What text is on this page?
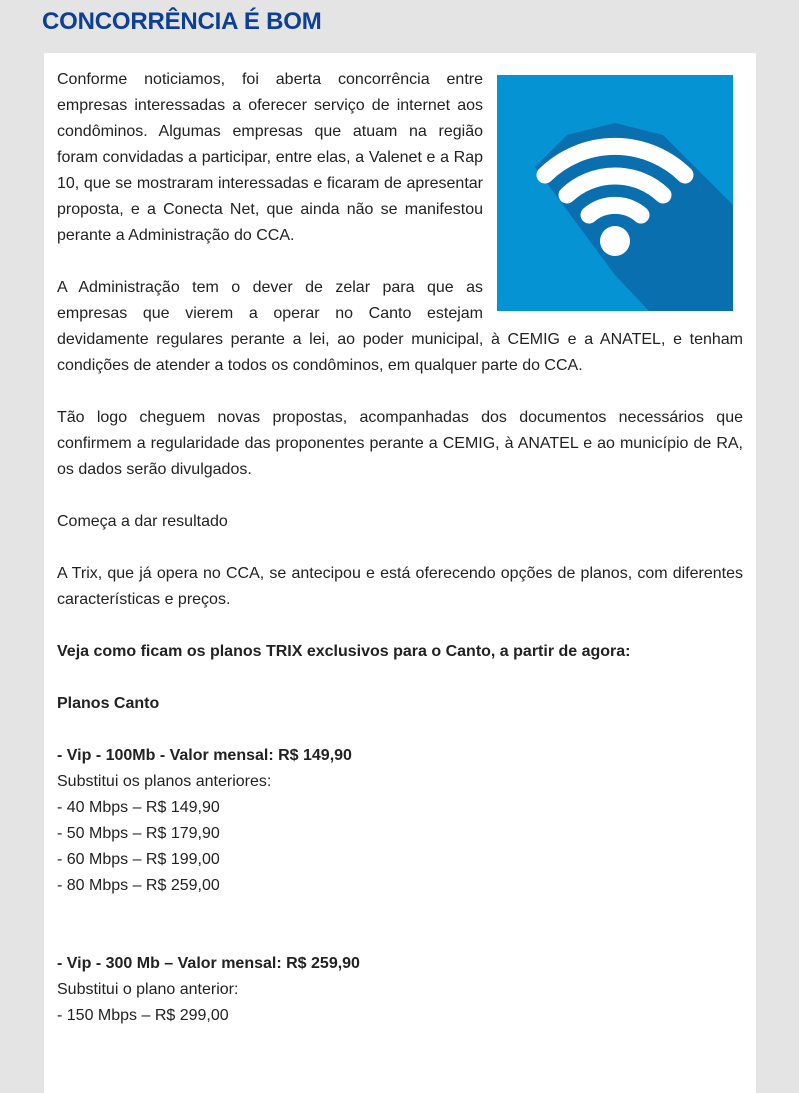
CONCORRÊNCIA É BOM

Conforme noticiamos, foi aberta concorrência entre empresas interessadas a oferecer serviço de internet aos condôminos. Algumas empresas que atuam na região foram convidadas a participar, entre elas, a Valenet e a Rap 10, que se mostraram interessadas e ficaram de apresentar proposta, e a Conecta Net, que ainda não se manifestou perante a Administração do CCA.

A Administração tem o dever de zelar para que as empresas que vierem a operar no Canto estejam devidamente regulares perante a lei, ao poder municipal, à CEMIG e a ANATEL, e tenham condições de atender a todos os condôminos, em qualquer parte do CCA.

Tão logo cheguem novas propostas, acompanhadas dos documentos necessários que confirmem a regularidade das proponentes perante a CEMIG, à ANATEL e ao município de RA, os dados serão divulgados.

Começa a dar resultado

A Trix, que já opera no CCA, se antecipou e está oferecendo opções de planos, com diferentes características e preços.

Veja como ficam os planos TRIX exclusivos para o Canto, a partir de agora:

Planos Canto

- Vip - 100Mb - Valor mensal: R$ 149,90

Substitui os planos anteriores:

- 40 Mbps – R$ 149,90

- 50 Mbps – R$ 179,90

- 60 Mbps – R$ 199,00

- 80 Mbps – R$ 259,00

- Vip - 300 Mb – Valor mensal: R$ 259,90

Substitui o plano anterior:

- 150 Mbps – R$ 299,00
